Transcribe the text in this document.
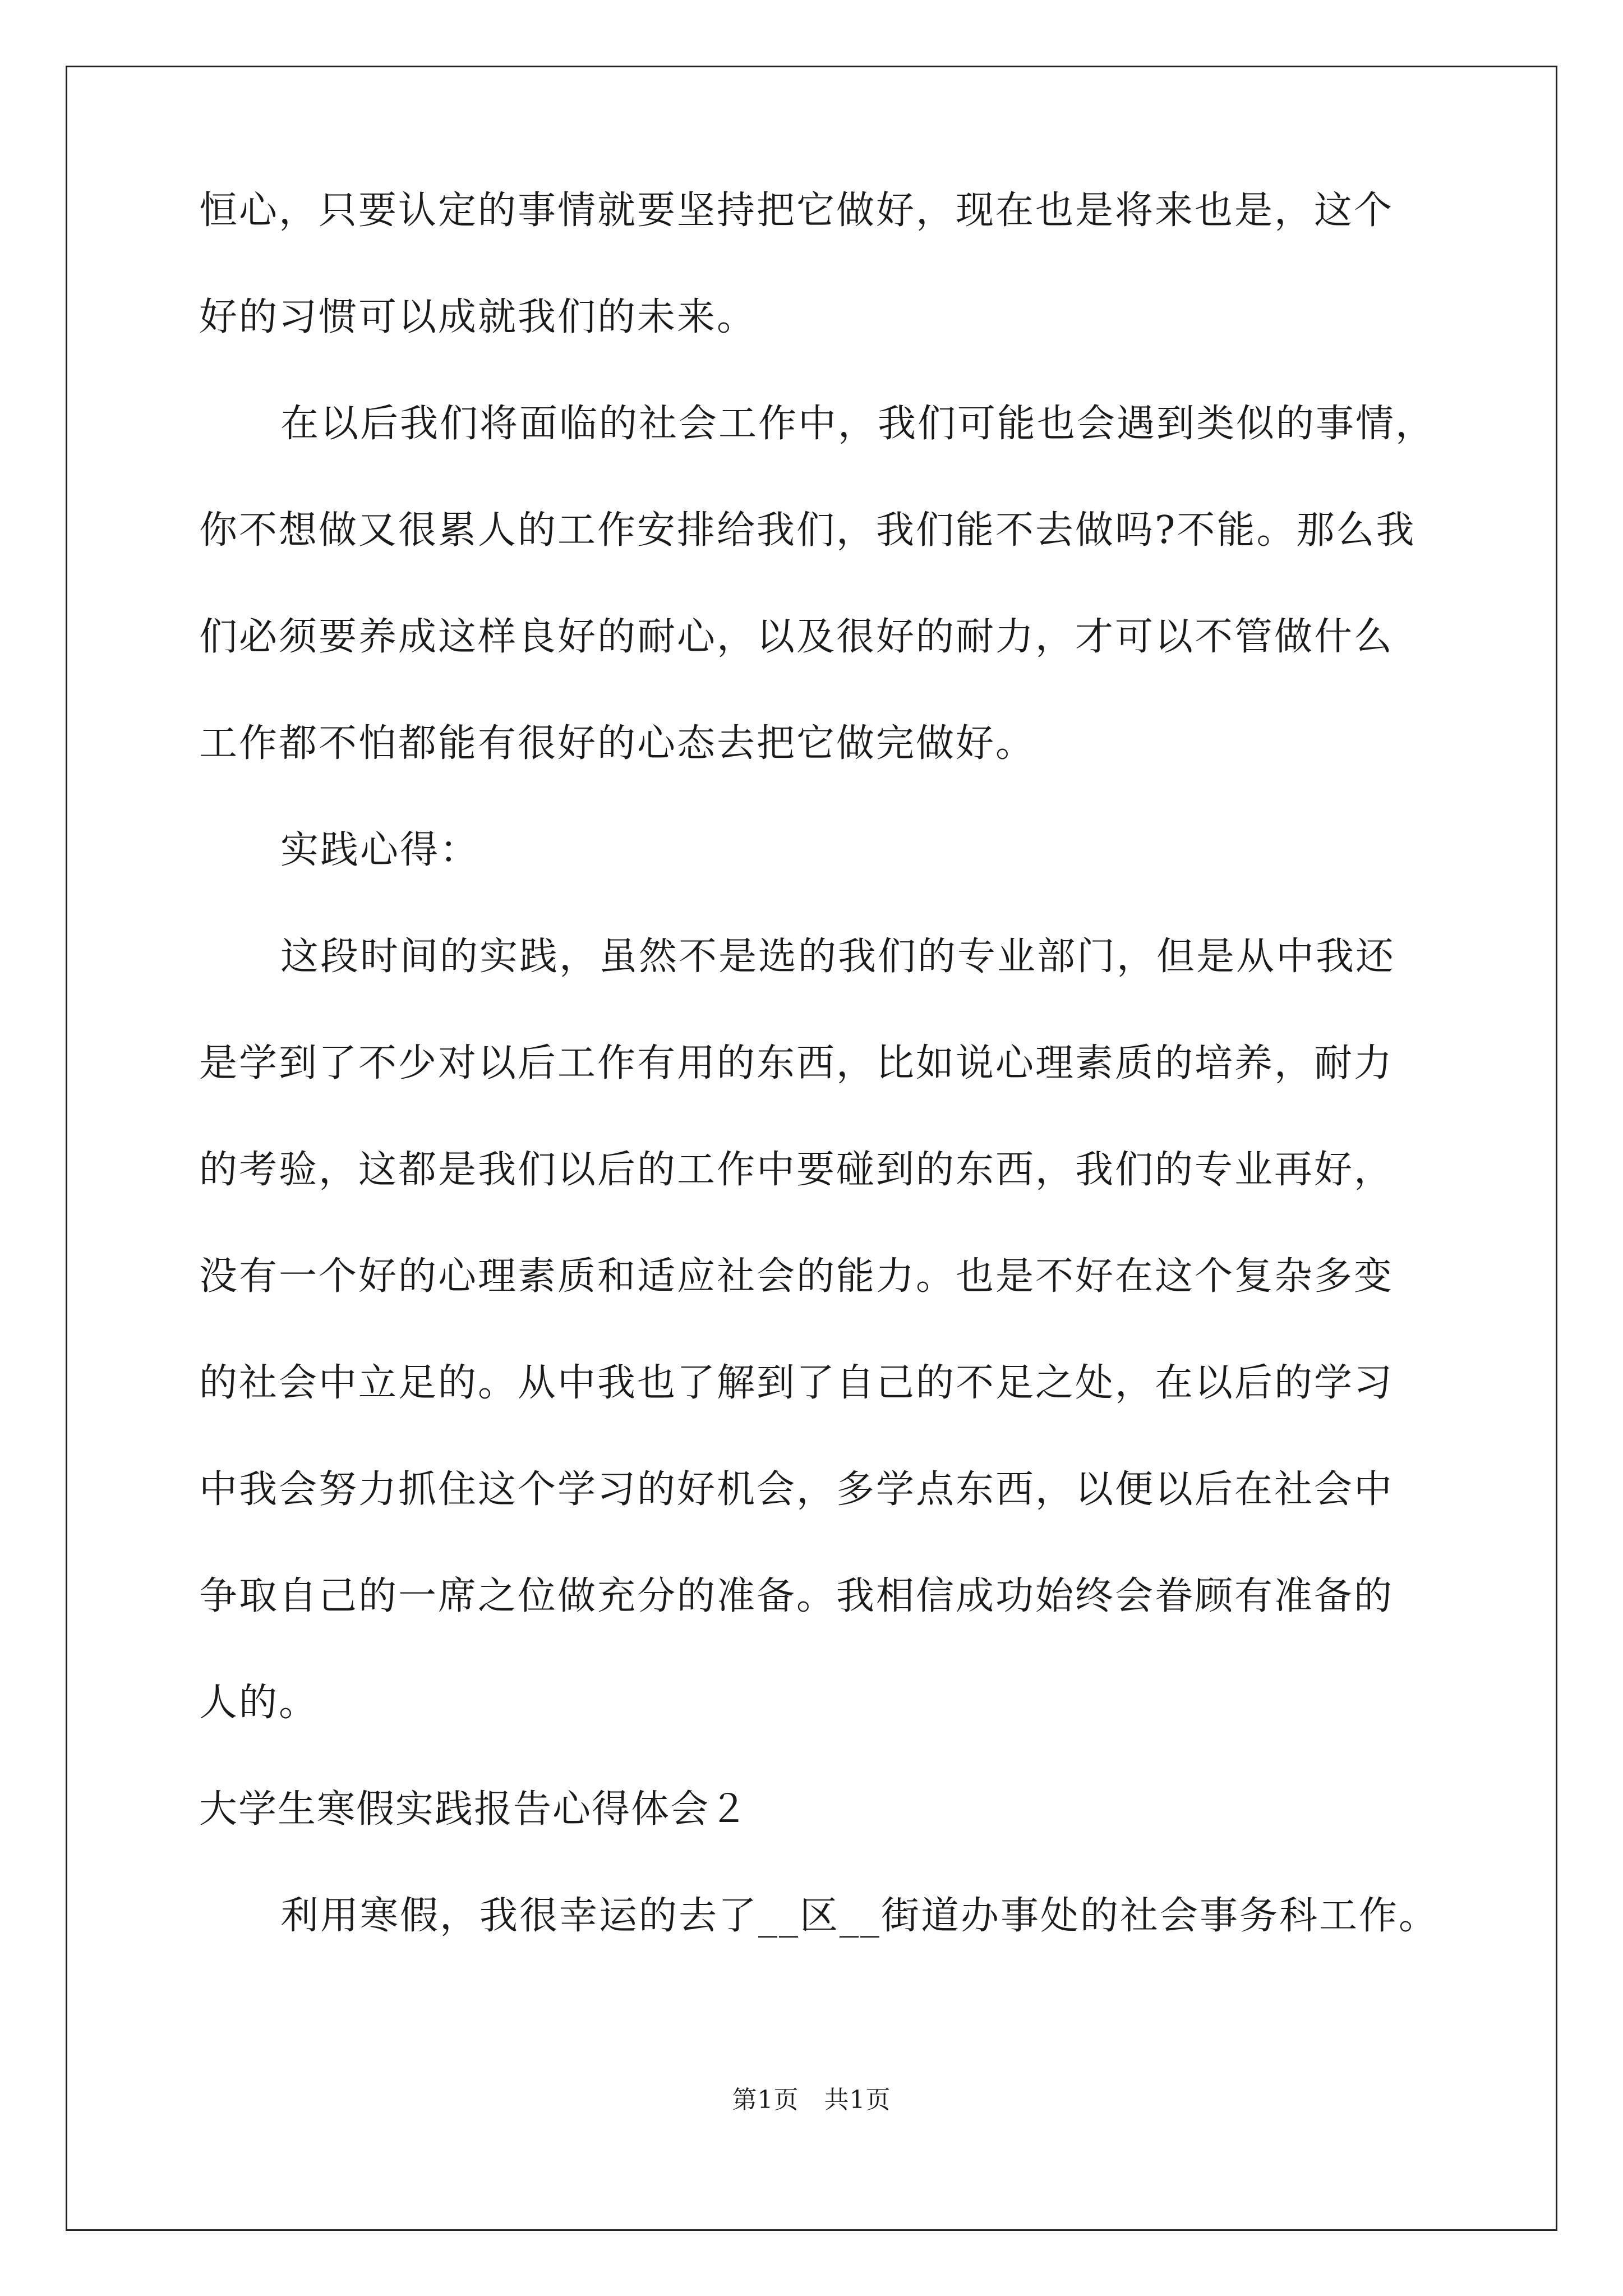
恒心，只要认定的事情就要坚持把它做好，现在也是将来也是，这个
好的习惯可以成就我们的未来。
在以后我们将面临的社会工作中，我们可能也会遇到类似的事情，
你不想做又很累人的工作安排给我们，我们能不去做吗?不能。那么我
们必须要养成这样良好的耐心，以及很好的耐力，才可以不管做什么
工作都不怕都能有很好的心态去把它做完做好。
实践心得：
这段时间的实践，虽然不是选的我们的专业部门，但是从中我还
是学到了不少对以后工作有用的东西，比如说心理素质的培养，耐力
的考验，这都是我们以后的工作中要碰到的东西，我们的专业再好，
没有一个好的心理素质和适应社会的能力。也是不好在这个复杂多变
的社会中立足的。从中我也了解到了自己的不足之处，在以后的学习
中我会努力抓住这个学习的好机会，多学点东西，以便以后在社会中
争取自己的一席之位做充分的准备。我相信成功始终会眷顾有准备的
人的。
大学生寒假实践报告心得体会２
利用寒假，我很幸运的去了__区__街道办事处的社会事务科工作。
第1页　共1页
